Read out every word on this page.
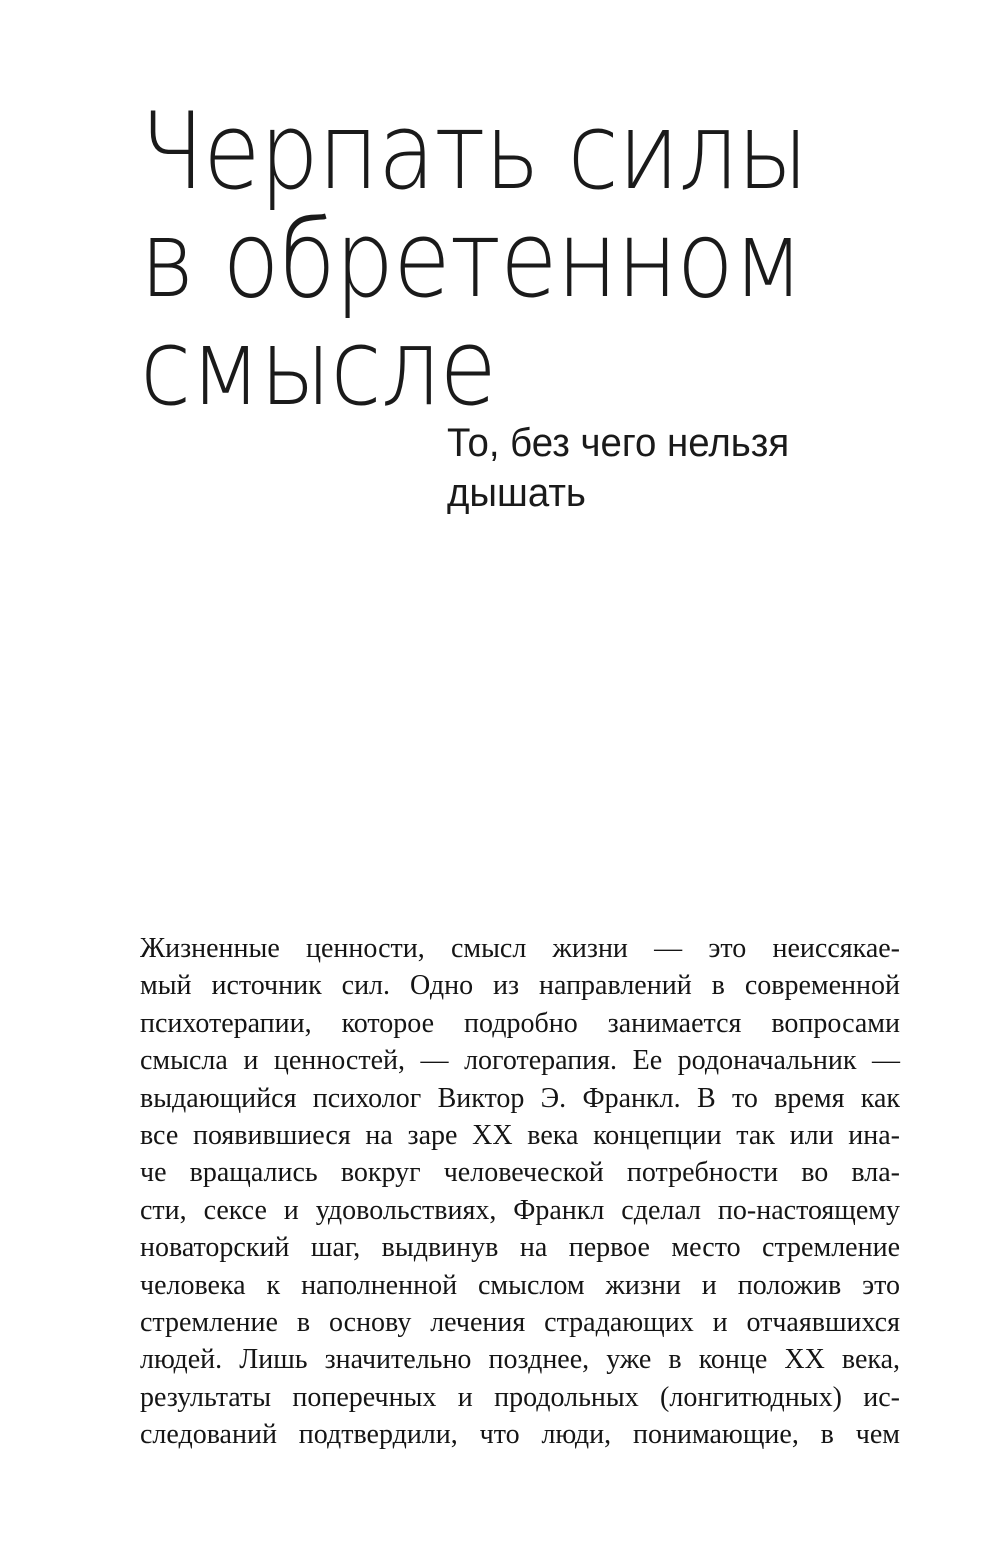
Черпать силы
в обретенном
смысле
То, без чего нельзя
дышать
Жизненные ценности, смысл жизни — это неиссякае-
мый источник сил. Одно из направлений в современной
психотерапии, которое подробно занимается вопросами
смысла и ценностей, — логотерапия. Ее родоначальник —
выдающийся психолог Виктор Э. Франкл. В то время как
все появившиеся на заре XX века концепции так или ина-
че вращались вокруг человеческой потребности во вла-
сти, сексе и удовольствиях, Франкл сделал по-настоящему
новаторский шаг, выдвинув на первое место стремление
человека к наполненной смыслом жизни и положив это
стремление в основу лечения страдающих и отчаявшихся
людей. Лишь значительно позднее, уже в конце XX века,
результаты поперечных и продольных (лонгитюдных) ис-
следований подтвердили, что люди, понимающие, в чем
